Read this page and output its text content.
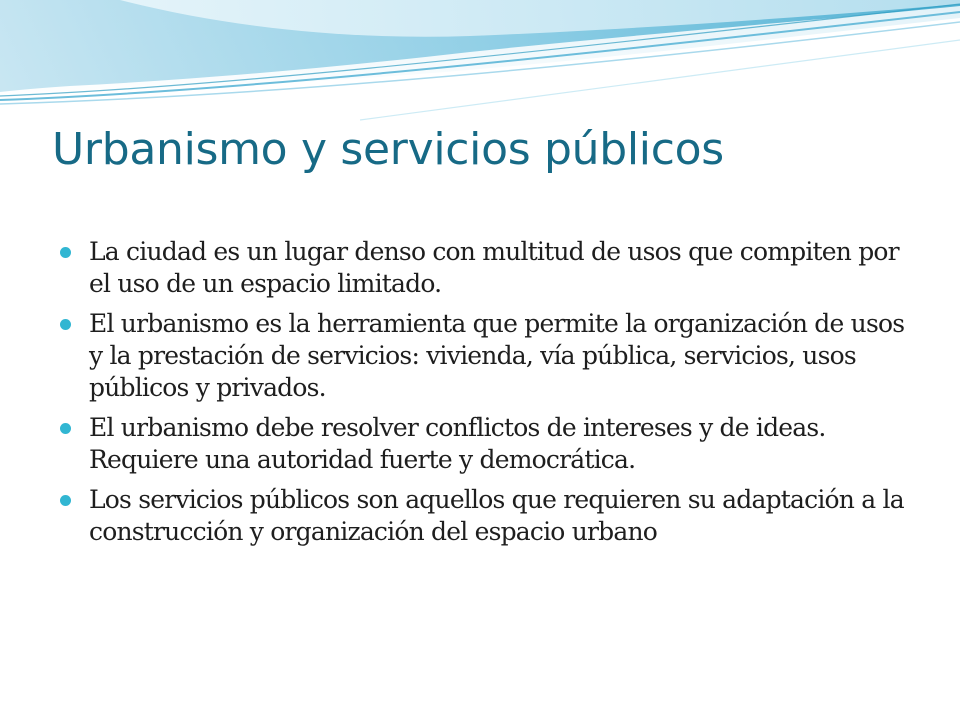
Urbanismo y servicios públicos
La ciudad es un lugar denso con multitud de usos que compiten por el uso de un espacio limitado.
El urbanismo es la herramienta que permite la organización de usos y la prestación de servicios: vivienda, vía pública, servicios, usos públicos y privados.
El urbanismo debe resolver conflictos de intereses y de ideas. Requiere una autoridad fuerte y democrática.
Los servicios públicos son aquellos que requieren su adaptación a la construcción y organización del espacio urbano
